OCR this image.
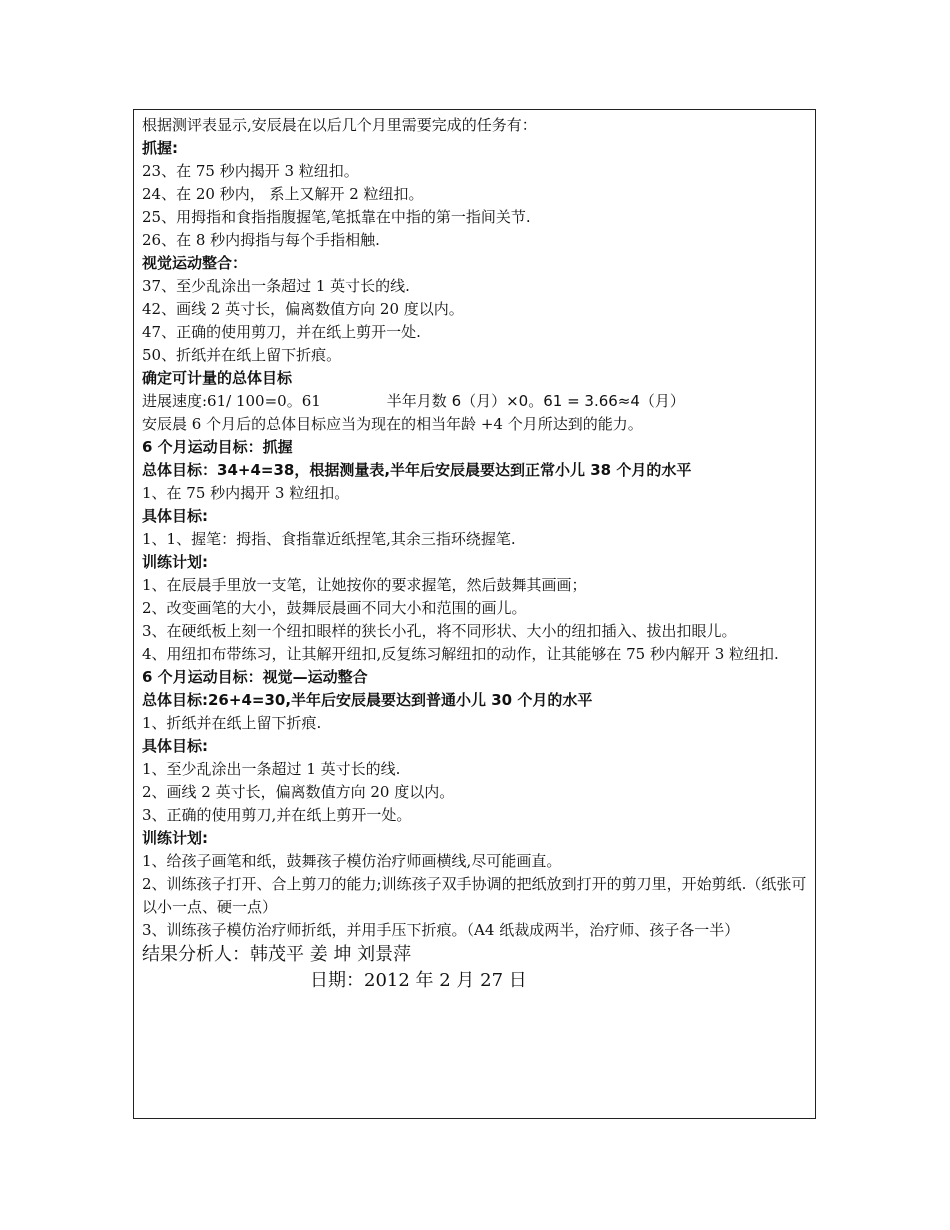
根据测评表显示,安辰晨在以后几个月里需要完成的任务有：
抓握:
23、在 75 秒内揭开 3 粒纽扣。
24、在 20 秒内， 系上又解开 2 粒纽扣。
25、用拇指和食指指腹握笔,笔抵靠在中指的第一指间关节.
26、在 8 秒内拇指与每个手指相触.
视觉运动整合：
37、至少乱涂出一条超过 1 英寸长的线.
42、画线 2 英寸长，偏离数值方向 20 度以内。
47、正确的使用剪刀，并在纸上剪开一处.
50、折纸并在纸上留下折痕。
确定可计量的总体目标
进展速度:61/ 100=0。61	半年月数 6（月）×0。61 = 3.66≈4（月）
安辰晨 6 个月后的总体目标应当为现在的相当年龄 +4 个月所达到的能力。
6 个月运动目标：抓握
总体目标：34+4=38，根据测量表,半年后安辰晨要达到正常小儿 38 个月的水平
1、在 75 秒内揭开 3 粒纽扣。
具体目标:
1、1、握笔：拇指、食指靠近纸捏笔,其余三指环绕握笔.
训练计划:
1、在辰晨手里放一支笔，让她按你的要求握笔，然后鼓舞其画画；
2、改变画笔的大小，鼓舞辰晨画不同大小和范围的画儿。
3、在硬纸板上刻一个纽扣眼样的狭长小孔，将不同形状、大小的纽扣插入、拔出扣眼儿。
4、用纽扣布带练习，让其解开纽扣,反复练习解纽扣的动作，让其能够在 75 秒内解开 3 粒纽扣.
6 个月运动目标：视觉—运动整合
总体目标:26+4=30,半年后安辰晨要达到普通小儿 30 个月的水平
1、折纸并在纸上留下折痕.
具体目标:
1、至少乱涂出一条超过 1 英寸长的线.
2、画线 2 英寸长，偏离数值方向 20 度以内。
3、正确的使用剪刀,并在纸上剪开一处。
训练计划:
1、给孩子画笔和纸，鼓舞孩子模仿治疗师画横线,尽可能画直。
2、训练孩子打开、合上剪刀的能力;训练孩子双手协调的把纸放到打开的剪刀里，开始剪纸.（纸张可以小一点、硬一点）
3、训练孩子模仿治疗师折纸，并用手压下折痕。（A4 纸裁成两半，治疗师、孩子各一半）
结果分析人：韩茂平 姜 坤 刘景萍
日期：2012 年 2 月 27 日
